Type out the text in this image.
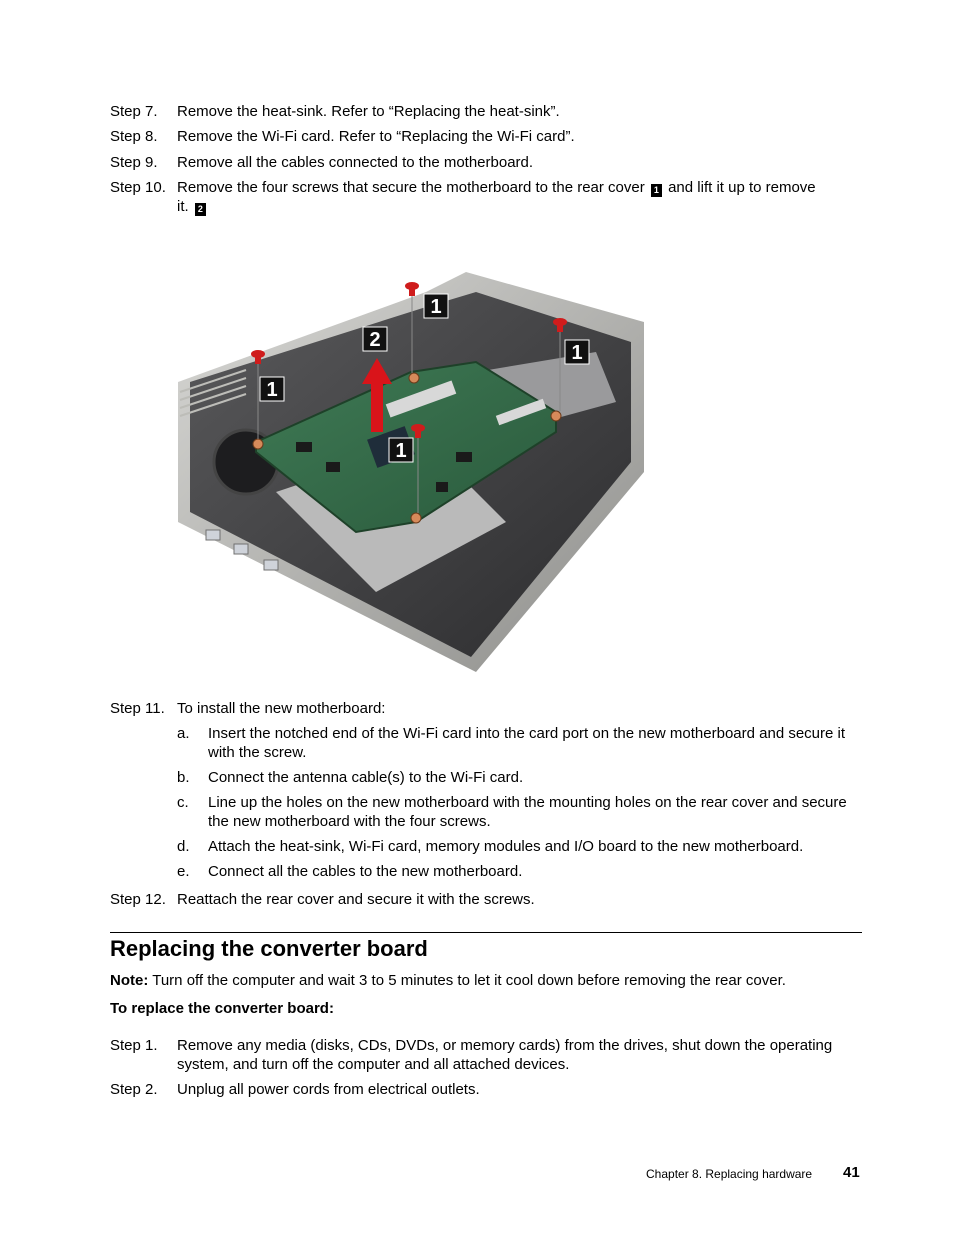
Step 7. Remove the heat-sink. Refer to “Replacing the heat-sink”.
Step 8. Remove the Wi-Fi card. Refer to “Replacing the Wi-Fi card”.
Step 9. Remove all the cables connected to the motherboard.
Step 10. Remove the four screws that secure the motherboard to the rear cover 1 and lift it up to remove
it. 2
1
2
1
1
1
Step 11. To install the new motherboard:
a. Insert the notched end of the Wi-Fi card into the card port on the new motherboard and secure it with the screw.
b. Connect the antenna cable(s) to the Wi-Fi card.
c. Line up the holes on the new motherboard with the mounting holes on the rear cover and secure the new motherboard with the four screws.
d. Attach the heat-sink, Wi-Fi card, memory modules and I/O board to the new motherboard.
e. Connect all the cables to the new motherboard.
Step 12. Reattach the rear cover and secure it with the screws.
Replacing the converter board
Note: Turn off the computer and wait 3 to 5 minutes to let it cool down before removing the rear cover.
To replace the converter board:
Step 1. Remove any media (disks, CDs, DVDs, or memory cards) from the drives, shut down the operating system, and turn off the computer and all attached devices.
Step 2. Unplug all power cords from electrical outlets.
Chapter 8. Replacing hardware 41
